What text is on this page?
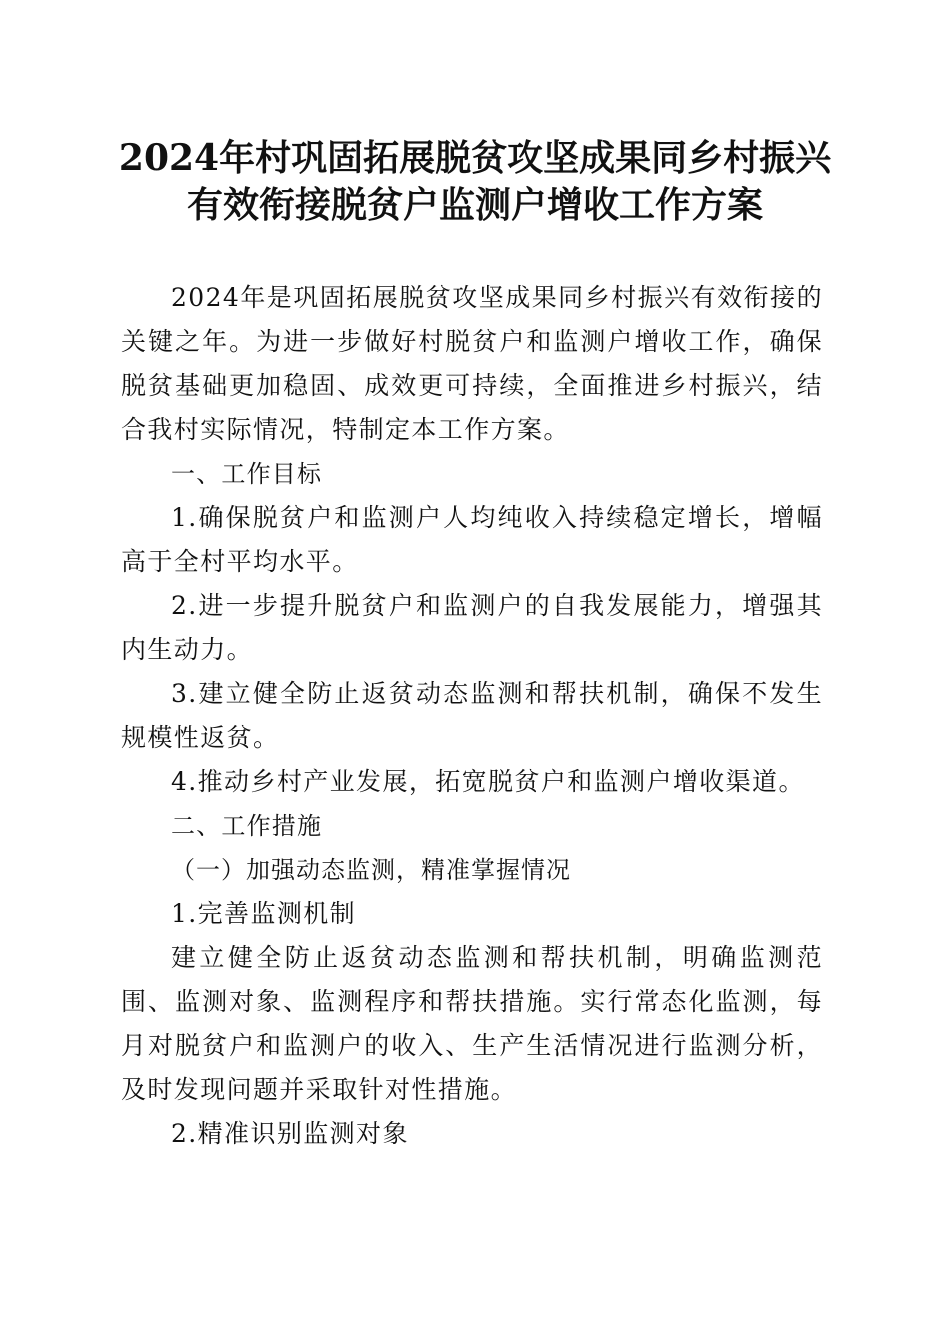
2024年村巩固拓展脱贫攻坚成果同乡村振兴
有效衔接脱贫户监测户增收工作方案

2024年是巩固拓展脱贫攻坚成果同乡村振兴有效衔接的关键之年。为进一步做好村脱贫户和监测户增收工作，确保脱贫基础更加稳固、成效更可持续，全面推进乡村振兴，结合我村实际情况，特制定本工作方案。

一、工作目标

1.确保脱贫户和监测户人均纯收入持续稳定增长，增幅高于全村平均水平。

2.进一步提升脱贫户和监测户的自我发展能力，增强其内生动力。

3.建立健全防止返贫动态监测和帮扶机制，确保不发生规模性返贫。

4.推动乡村产业发展，拓宽脱贫户和监测户增收渠道。

二、工作措施

（一）加强动态监测，精准掌握情况

1.完善监测机制

建立健全防止返贫动态监测和帮扶机制，明确监测范围、监测对象、监测程序和帮扶措施。实行常态化监测，每月对脱贫户和监测户的收入、生产生活情况进行监测分析，及时发现问题并采取针对性措施。

2.精准识别监测对象
